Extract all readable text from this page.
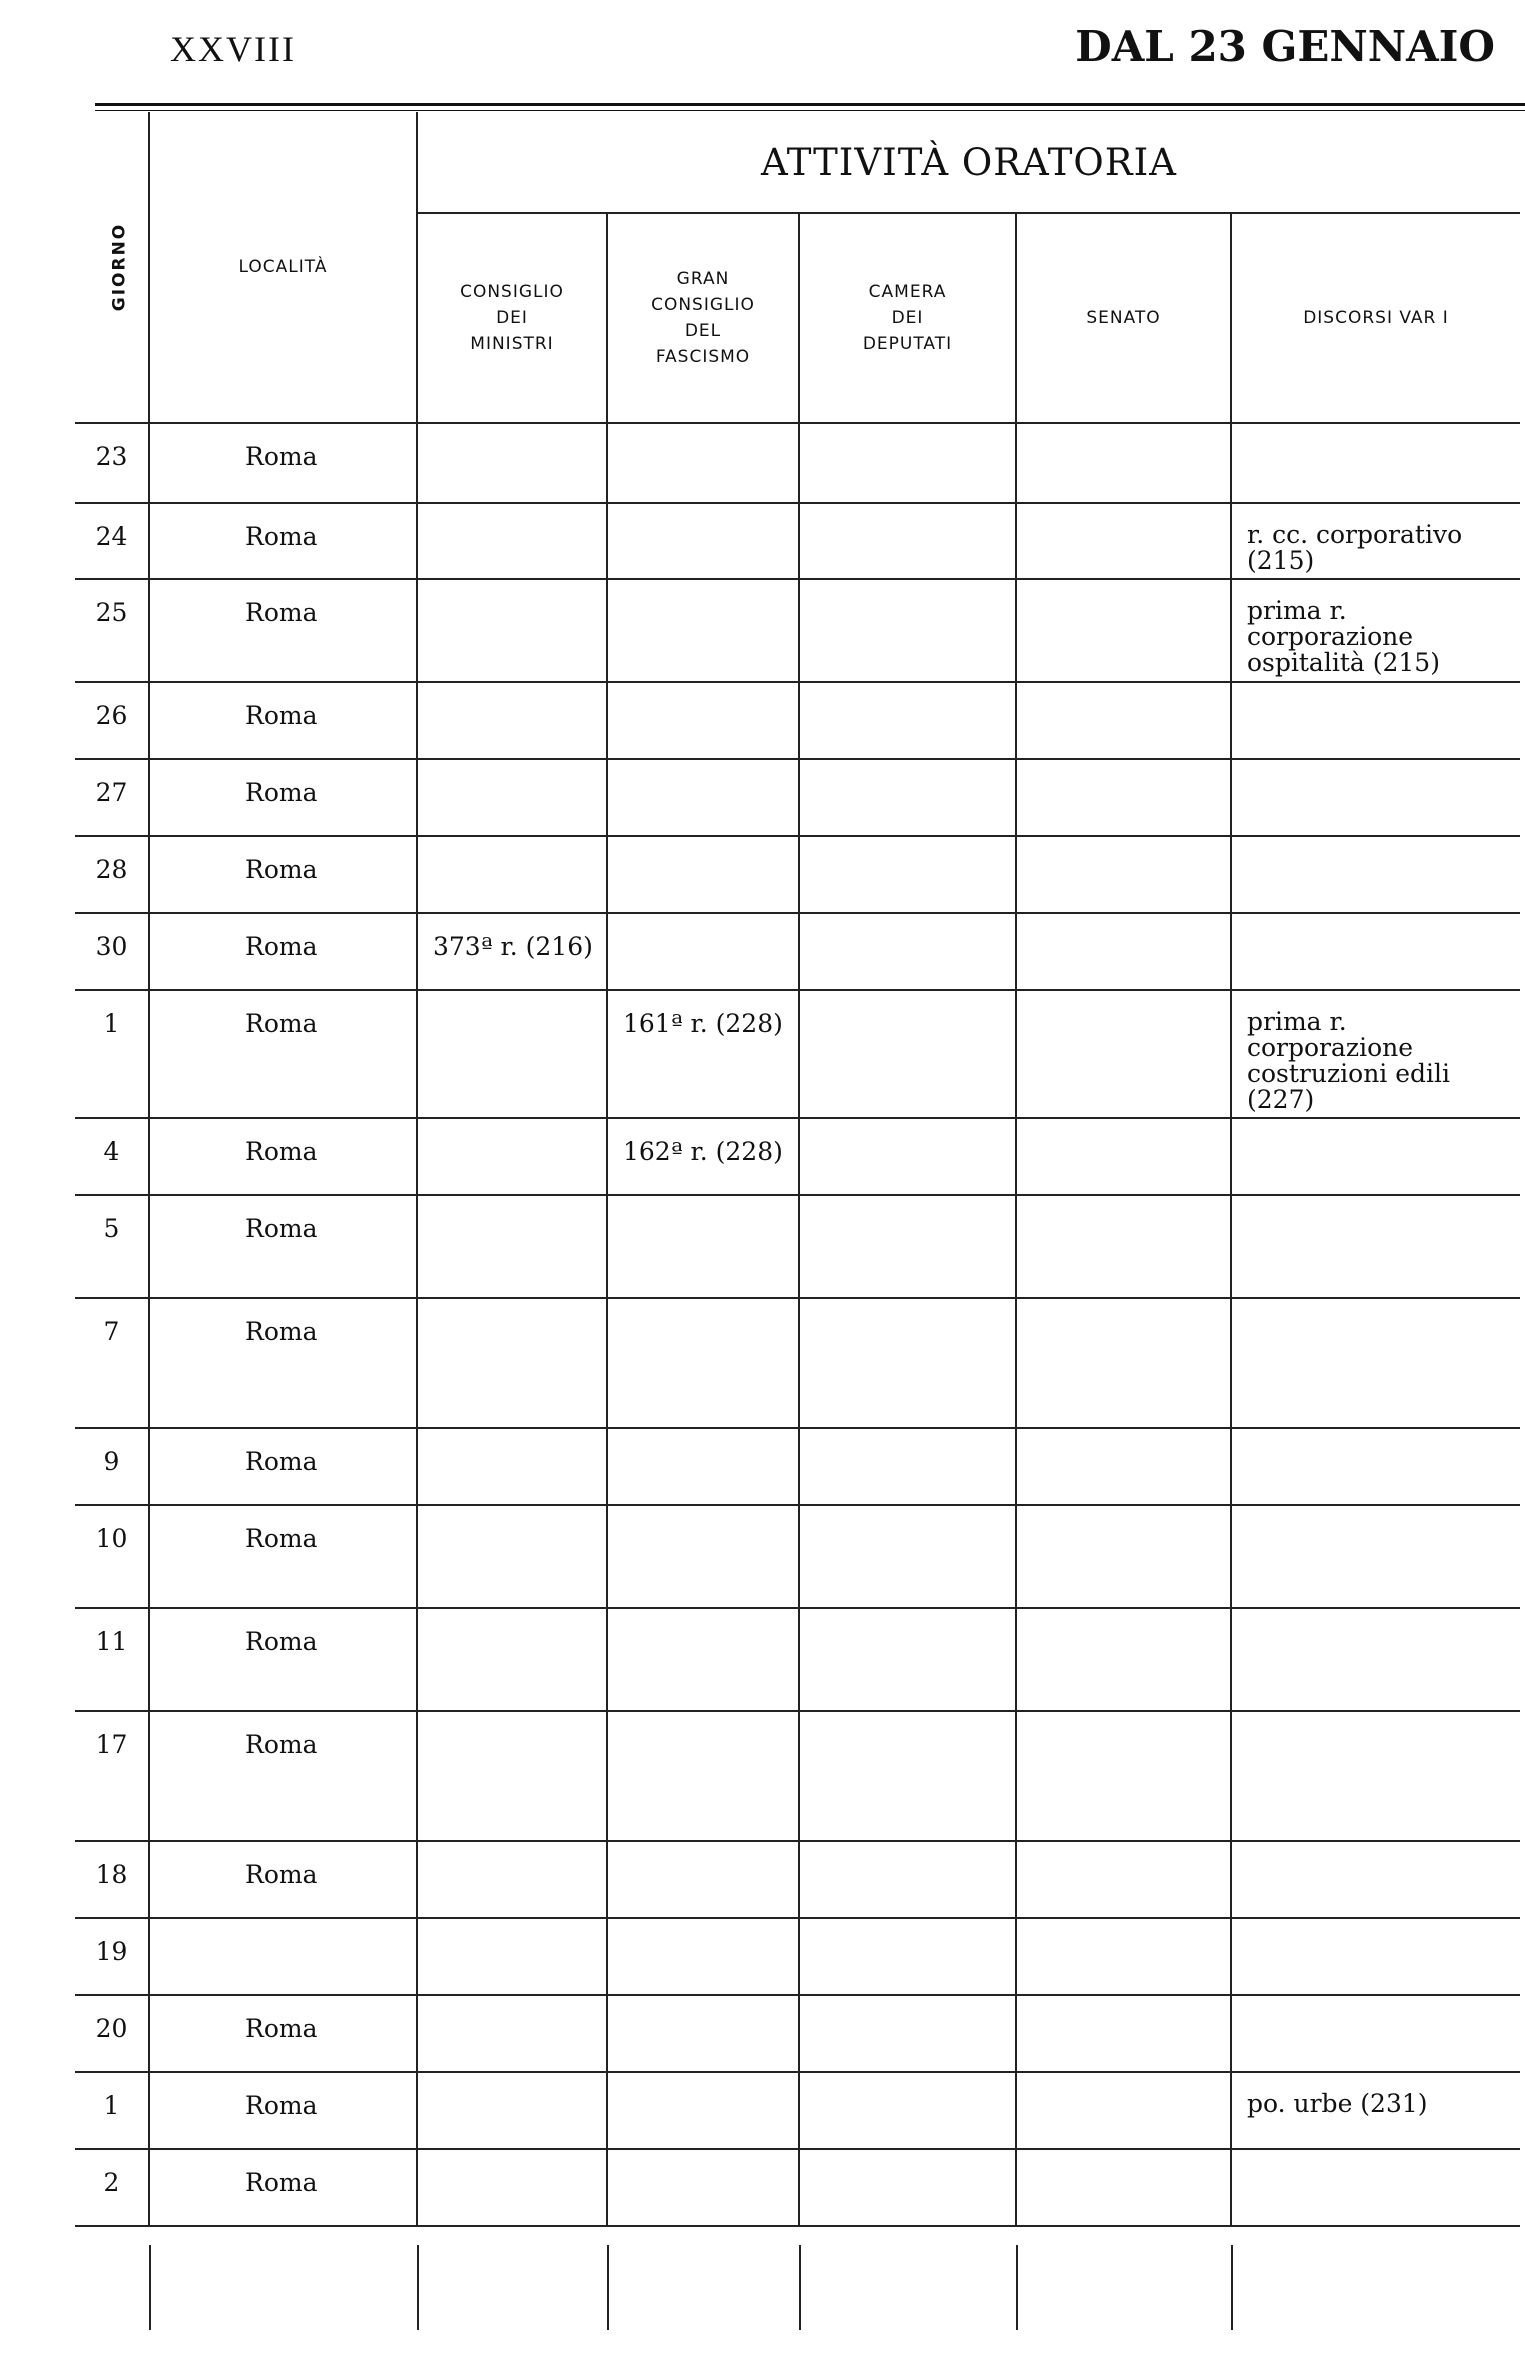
XXVIII	DAL 23 GENNAIO
GIORNO	LOCALITÀ	ATTIVITÀ ORATORIA				

		CONSIGLIO
DEI
MINISTRI	GRAN
CONSIGLIO
DEL
FASCISMO	CAMERA
DEI
DEPUTATI	SENATO	DISCORSI VAR I

23	Roma					
24	Roma					r. cc. corporativo (215)

25	Roma					prima r. corporazione
ospitalità (215)

26	Roma					
27	Roma					
28	Roma					
30	Roma	373ª r. (216)				
1	Roma		161ª r. (228)			prima r. corporazione
costruzioni edili (227)

4	Roma		162ª r. (228)			
5	Roma					
7	Roma					
9	Roma					
10	Roma					
11	Roma					
17	Roma					
18	Roma					
19						
20	Roma					
1	Roma					po. urbe (231)

2	Roma					
